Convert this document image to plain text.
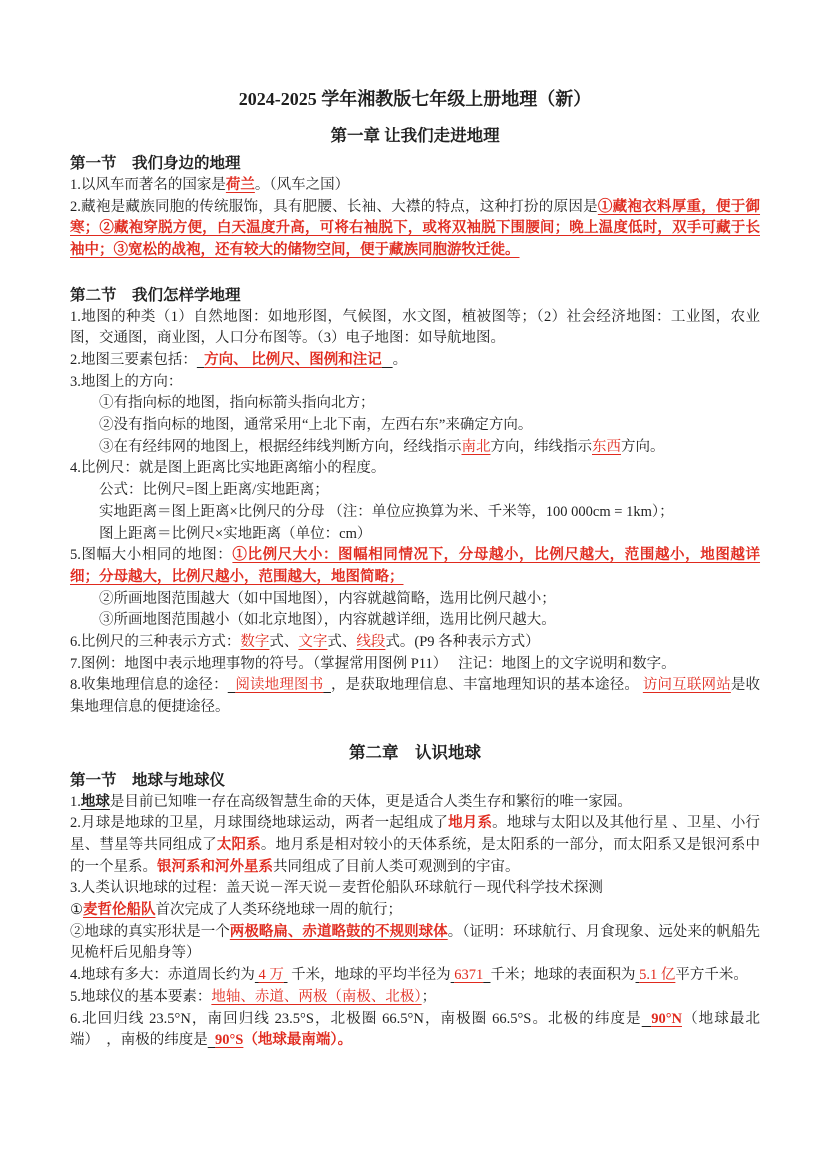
2024-2025 学年湘教版七年级上册地理（新）
第一章 让我们走进地理
第一节　我们身边的地理
1.以风车而著名的国家是荷兰。（风车之国）
2.藏袍是藏族同胞的传统服饰，具有肥腰、长袖、大襟的特点，这种打扮的原因是①藏袍衣料厚重，便于御寒；②藏袍穿脱方便，白天温度升高，可将右袖脱下，或将双袖脱下围腰间；晚上温度低时，双手可藏于长袖中；③宽松的战袍，还有较大的储物空间，便于藏族同胞游牧迁徙。
第二节　我们怎样学地理
1.地图的种类（1）自然地图：如地形图，气候图，水文图，植被图等；（2）社会经济地图：工业图，农业图，交通图，商业图，人口分布图等。（3）电子地图：如导航地图。
2.地图三要素包括： 方向、 比例尺、图例和注记 。
3.地图上的方向：
①有指向标的地图，指向标箭头指向北方；
②没有指向标的地图，通常采用“上北下南，左西右东”来确定方向。
③在有经纬网的地图上，根据经纬线判断方向，经线指示南北方向，纬线指示东西方向。
4.比例尺：就是图上距离比实地距离缩小的程度。
公式：比例尺=图上距离/实地距离；
实地距离＝图上距离×比例尺的分母 （注：单位应换算为米、千米等，100 000cm = 1km）；
图上距离＝比例尺×实地距离（单位：cm）
5.图幅大小相同的地图：①比例尺大小：图幅相同情况下，分母越小，比例尺越大，范围越小，地图越详细；分母越大，比例尺越小，范围越大，地图简略；
②所画地图范围越大（如中国地图），内容就越简略，选用比例尺越小；
③所画地图范围越小（如北京地图），内容就越详细，选用比例尺越大。
6.比例尺的三种表示方式：数字式、文字式、线段式。(P9 各种表示方式）
7.图例：地图中表示地理事物的符号。（掌握常用图例 P11）　 注记：地图上的文字说明和数字。
8.收集地理信息的途径： 阅读地理图书 ，是获取地理信息、丰富地理知识的基本途径。 访问互联网站是收集地理信息的便捷途径。
第二章　认识地球
第一节　地球与地球仪
1.地球是目前已知唯一存在高级智慧生命的天体，更是适合人类生存和繁衍的唯一家园。
2.月球是地球的卫星，月球围绕地球运动，两者一起组成了地月系。地球与太阳以及其他行星 、卫星、小行星、彗星等共同组成了太阳系。地月系是相对较小的天体系统，是太阳系的一部分，而太阳系又是银河系中的一个星系。银河系和河外星系共同组成了目前人类可观测到的宇宙。
3.人类认识地球的过程：盖天说－浑天说－麦哲伦船队环球航行－现代科学技术探测
①麦哲伦船队首次完成了人类环绕地球一周的航行；
②地球的真实形状是一个两极略扁、赤道略鼓的不规则球体。（证明：环球航行、月食现象、远处来的帆船先见桅杆后见船身等）
4.地球有多大：赤道周长约为 4 万  千米，地球的平均半径为 6371 千米；地球的表面积为 5.1 亿平方千米。
5.地球仪的基本要素：地轴、赤道、两极（南极、北极）；
6.北回归线 23.5°N，南回归线 23.5°S，北极圈 66.5°N，南极圈 66.5°S。北极的纬度是 90°N（地球最北端）　，南极的纬度是 90°S（地球最南端）。
